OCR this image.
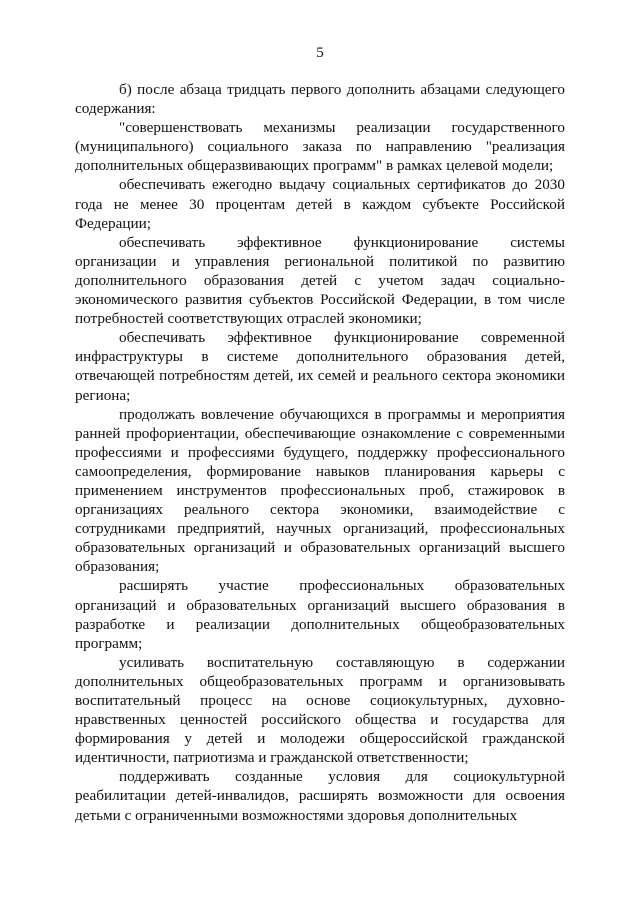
5

б) после абзаца тридцать первого дополнить абзацами следующего содержания:

"совершенствовать механизмы реализации государственного (муниципального) социального заказа по направлению "реализация дополнительных общеразвивающих программ" в рамках целевой модели;

обеспечивать ежегодно выдачу социальных сертификатов до 2030 года не менее 30 процентам детей в каждом субъекте Российской Федерации;

обеспечивать эффективное функционирование системы организации и управления региональной политикой по развитию дополнительного образования детей с учетом задач социально-экономического развития субъектов Российской Федерации, в том числе потребностей соответствующих отраслей экономики;

обеспечивать эффективное функционирование современной инфраструктуры в системе дополнительного образования детей, отвечающей потребностям детей, их семей и реального сектора экономики региона;

продолжать вовлечение обучающихся в программы и мероприятия ранней профориентации, обеспечивающие ознакомление с современными профессиями и профессиями будущего, поддержку профессионального самоопределения, формирование навыков планирования карьеры с применением инструментов профессиональных проб, стажировок в организациях реального сектора экономики, взаимодействие с сотрудниками предприятий, научных организаций, профессиональных образовательных организаций и образовательных организаций высшего образования;

расширять участие профессиональных образовательных организаций и образовательных организаций высшего образования в разработке и реализации дополнительных общеобразовательных программ;

усиливать воспитательную составляющую в содержании дополнительных общеобразовательных программ и организовывать воспитательный процесс на основе социокультурных, духовно-нравственных ценностей российского общества и государства для формирования у детей и молодежи общероссийской гражданской идентичности, патриотизма и гражданской ответственности;

поддерживать созданные условия для социокультурной реабилитации детей-инвалидов, расширять возможности для освоения детьми с ограниченными возможностями здоровья дополнительных
